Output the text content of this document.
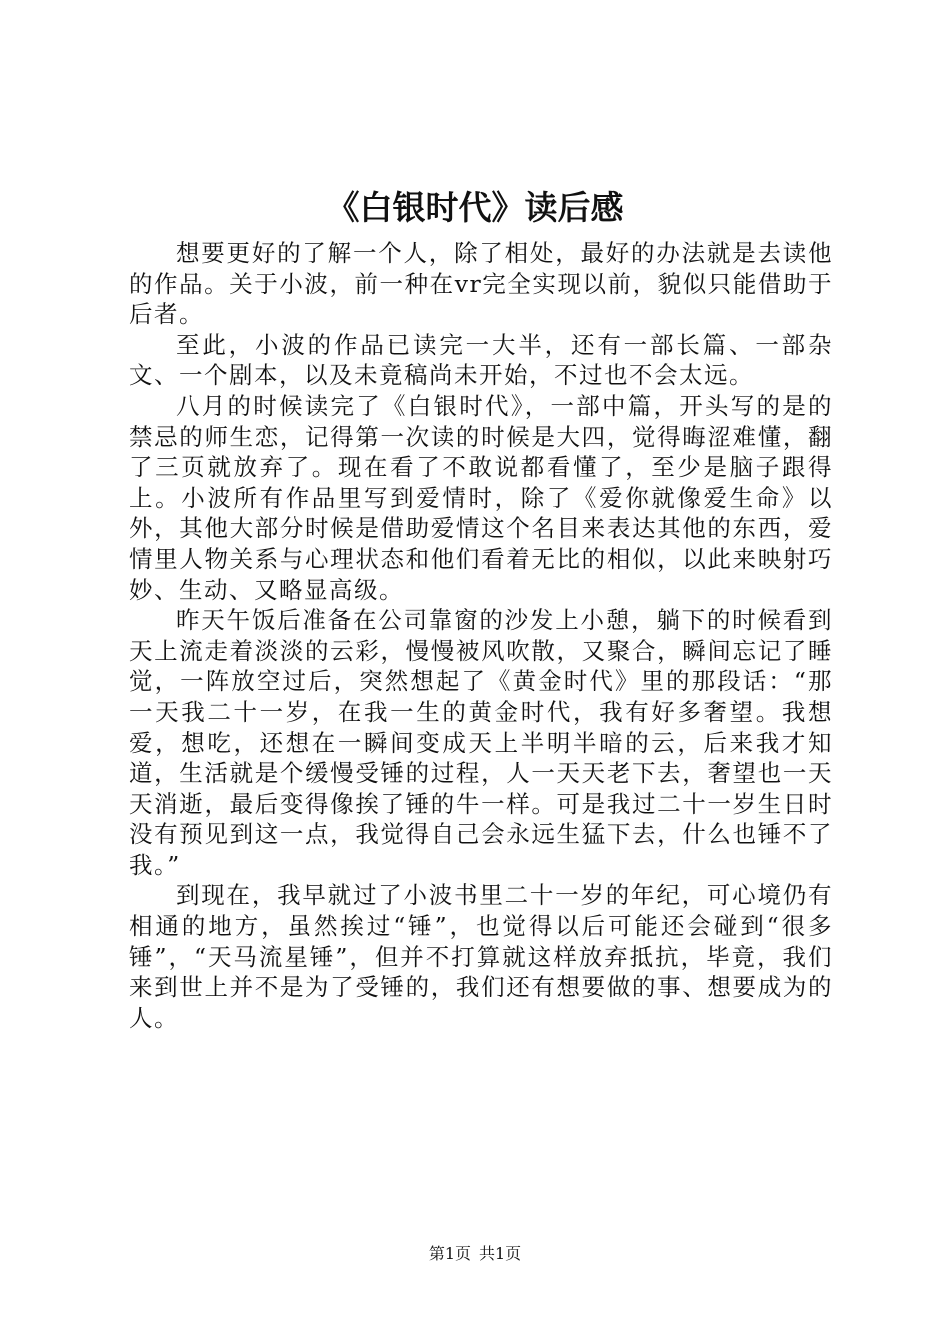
《白银时代》读后感

想要更好的了解一个人，除了相处，最好的办法就是去读他的作品。关于小波，前一种在vr完全实现以前，貌似只能借助于后者。

至此，小波的作品已读完一大半，还有一部长篇、一部杂文、一个剧本，以及未竟稿尚未开始，不过也不会太远。

八月的时候读完了《白银时代》，一部中篇，开头写的是的禁忌的师生恋，记得第一次读的时候是大四，觉得晦涩难懂，翻了三页就放弃了。现在看了不敢说都看懂了，至少是脑子跟得上。小波所有作品里写到爱情时，除了《爱你就像爱生命》以外，其他大部分时候是借助爱情这个名目来表达其他的东西，爱情里人物关系与心理状态和他们看着无比的相似，以此来映射巧妙、生动、又略显高级。

昨天午饭后准备在公司靠窗的沙发上小憩，躺下的时候看到天上流走着淡淡的云彩，慢慢被风吹散，又聚合，瞬间忘记了睡觉，一阵放空过后，突然想起了《黄金时代》里的那段话：“那一天我二十一岁，在我一生的黄金时代，我有好多奢望。我想爱，想吃，还想在一瞬间变成天上半明半暗的云，后来我才知道，生活就是个缓慢受锤的过程，人一天天老下去，奢望也一天天消逝，最后变得像挨了锤的牛一样。可是我过二十一岁生日时没有预见到这一点，我觉得自己会永远生猛下去，什么也锤不了我。”

到现在，我早就过了小波书里二十一岁的年纪，可心境仍有相通的地方，虽然挨过“锤”，也觉得以后可能还会碰到“很多锤”，“天马流星锤”，但并不打算就这样放弃抵抗，毕竟，我们来到世上并不是为了受锤的，我们还有想要做的事、想要成为的人。

第1页 共1页
